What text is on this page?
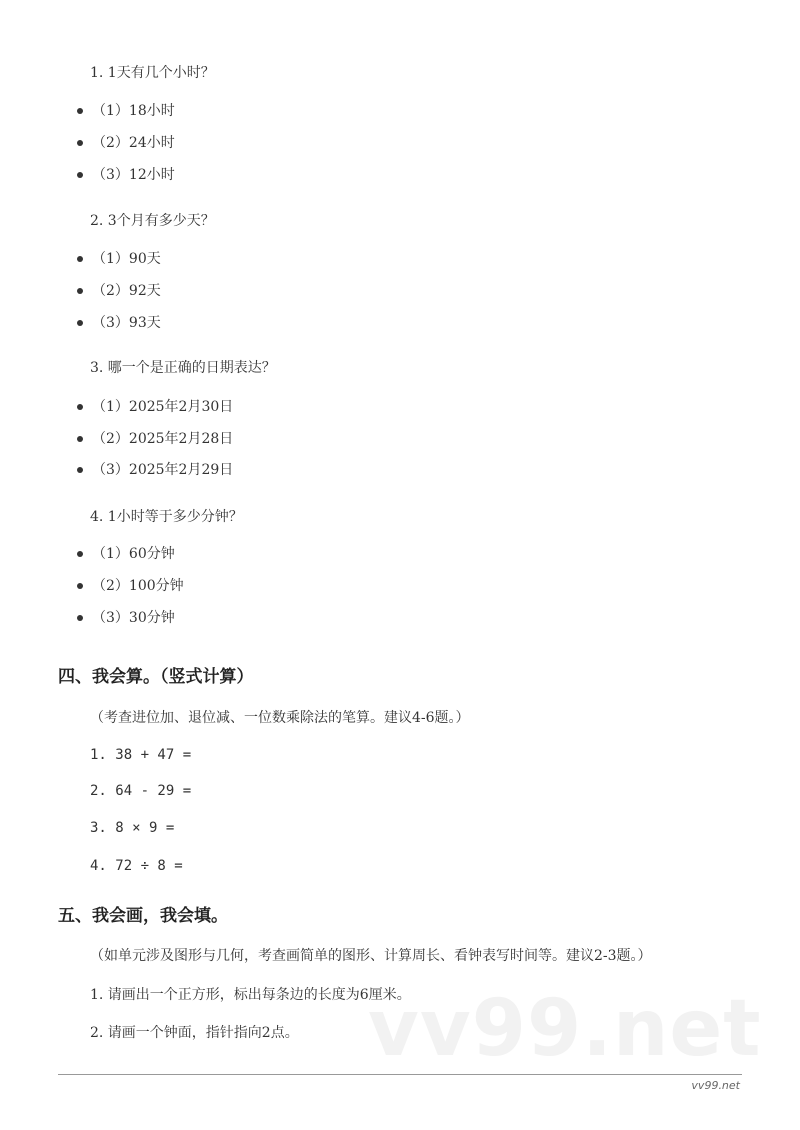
1. 1天有几个小时？

（1）18小时

（2）24小时

（3）12小时

2. 3个月有多少天？

（1）90天

（2）92天

（3）93天

3. 哪一个是正确的日期表达？

（1）2025年2月30日

（2）2025年2月28日

（3）2025年2月29日

4. 1小时等于多少分钟？

（1）60分钟

（2）100分钟

（3）30分钟

四、我会算。（竖式计算）

（考查进位加、退位减、一位数乘除法的笔算。建议4-6题。）

1. 38 + 47 =

2. 64 - 29 =

3. 8 × 9 =

4. 72 ÷ 8 =

五、我会画，我会填。

（如单元涉及图形与几何，考查画简单的图形、计算周长、看钟表写时间等。建议2-3题。）

1. 请画出一个正方形，标出每条边的长度为6厘米。

2. 请画一个钟面，指针指向2点。 vv99.net
vv99.net
